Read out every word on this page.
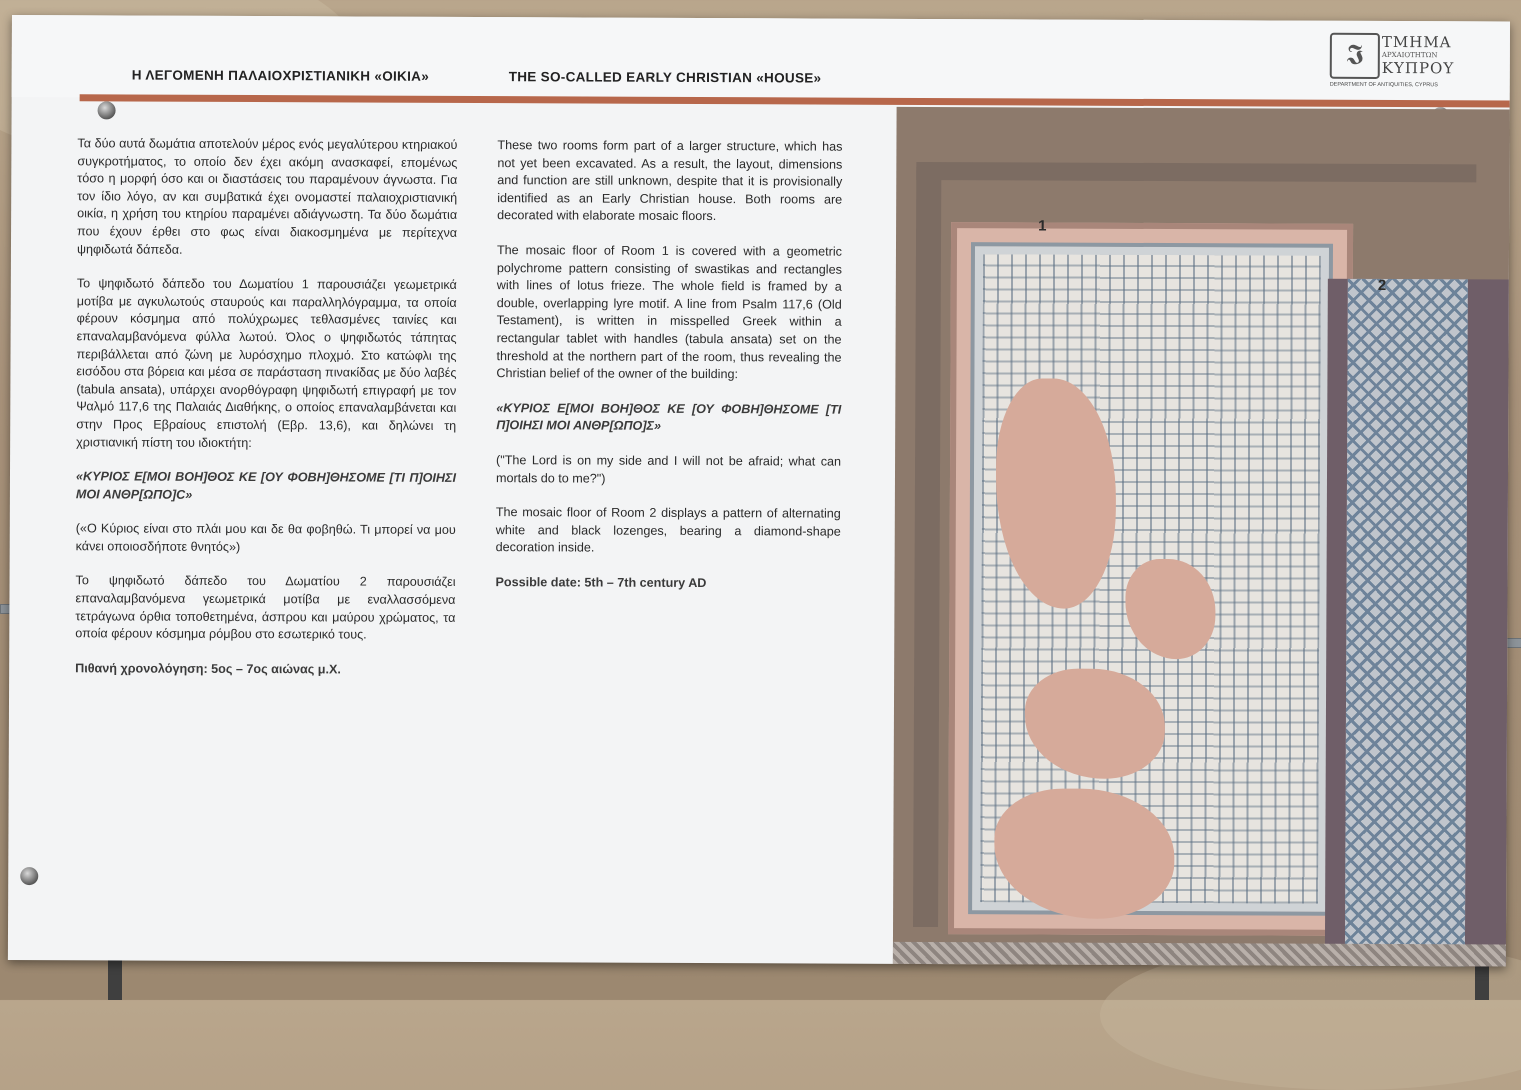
Η ΛΕΓΟΜΕΝΗ ΠΑΛΑΙΟΧΡΙΣΤΙΑΝΙΚΗ «ΟΙΚΙΑ»	THE SO-CALLED EARLY CHRISTIAN «HOUSE»
𝕴	ΤΜΗΜΑ
ΑΡΧΑΙΟΤΗΤΩΝ
ΚΥΠΡΟΥ
DEPARTMENT OF ANTIQUITIES, CYPRUS

Τα δύο αυτά δωμάτια αποτελούν μέρος ενός μεγαλύτερου κτηριακού συγκροτήματος, το οποίο δεν έχει ακόμη ανασκαφεί, επομένως τόσο η μορφή όσο και οι διαστάσεις του παραμένουν άγνωστα. Για τον ίδιο λόγο, αν και συμβατικά έχει ονομαστεί παλαιοχριστιανική οικία, η χρήση του κτηρίου παραμένει αδιάγνωστη. Τα δύο δωμάτια που έχουν έρθει στο φως είναι διακοσμημένα με περίτεχνα ψηφιδωτά δάπεδα.

Το ψηφιδωτό δάπεδο του Δωματίου 1 παρουσιάζει γεωμετρικά μοτίβα με αγκυλωτούς σταυρούς και παραλληλόγραμμα, τα οποία φέρουν κόσμημα από πολύχρωμες τεθλασμένες ταινίες και επαναλαμβανόμενα φύλλα λωτού. Όλος ο ψηφιδωτός τάπητας περιβάλλεται από ζώνη με λυρόσχημο πλοχμό. Στο κατώφλι της εισόδου στα βόρεια και μέσα σε παράσταση πινακίδας με δύο λαβές (tabula ansata), υπάρχει ανορθόγραφη ψηφιδωτή επιγραφή με τον Ψαλμό 117,6 της Παλαιάς Διαθήκης, ο οποίος επαναλαμβάνεται και στην Προς Εβραίους επιστολή (Εβρ. 13,6), και δηλώνει τη χριστιανική πίστη του ιδιοκτήτη:

«ΚΥΡΙΟΣ Ε[ΜΟΙ ΒΟΗ]ΘΟΣ ΚΕ [ΟΥ ΦΟΒΗ]ΘΗΣΟΜΕ [ΤΙ Π]ΟΙΗΣΙ ΜΟΙ ΑΝΘΡ[ΩΠΟ]C»

(«Ο Κύριος είναι στο πλάι μου και δε θα φοβηθώ. Τι μπορεί να μου κάνει οποιοσδήποτε θνητός»)

Το ψηφιδωτό δάπεδο του Δωματίου 2 παρουσιάζει επαναλαμβανόμενα γεωμετρικά μοτίβα με εναλλασσόμενα τετράγωνα όρθια τοποθετημένα, άσπρου και μαύρου χρώματος, τα οποία φέρουν κόσμημα ρόμβου στο εσωτερικό τους.

Πιθανή χρονολόγηση: 5ος – 7ος αιώνας μ.Χ.

These two rooms form part of a larger structure, which has not yet been excavated. As a result, the layout, dimensions and function are still unknown, despite that it is provisionally identified as an Early Christian house. Both rooms are decorated with elaborate mosaic floors.

The mosaic floor of Room 1 is covered with a geometric polychrome pattern consisting of swastikas and rectangles with lines of lotus frieze. The whole field is framed by a double, overlapping lyre motif. A line from Psalm 117,6 (Old Testament), is written in misspelled Greek within a rectangular tablet with handles (tabula ansata) set on the threshold at the northern part of the room, thus revealing the Christian belief of the owner of the building:

«ΚΥΡΙΟΣ Ε[ΜΟΙ ΒΟΗ]ΘΟΣ ΚΕ [ΟΥ ΦΟΒΗ]ΘΗΣΟΜΕ [ΤΙ Π]ΟΙΗΣΙ ΜΟΙ ΑΝΘΡ[ΩΠΟ]Σ»

("The Lord is on my side and I will not be afraid; what can mortals do to me?")

The mosaic floor of Room 2 displays a pattern of alternating white and black lozenges, bearing a diamond-shape decoration inside.

Possible date: 5th – 7th century AD

1
2
